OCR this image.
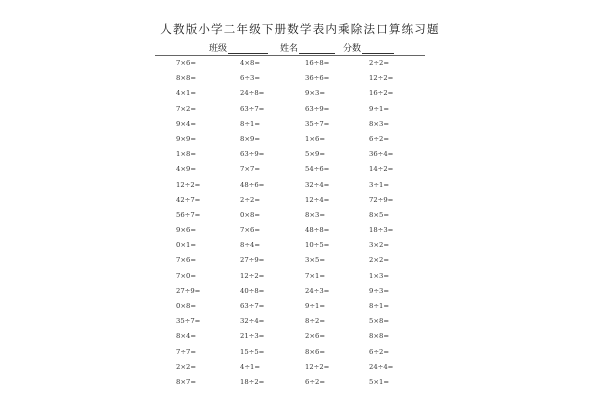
人教版小学二年级下册数学表内乘除法口算练习题
班级	姓名	分数
7×6=	4×8=	16÷8=	2÷2=
8×8=	6÷3=	36÷6=	12÷2=
4×1=	24÷8=	9×3=	16÷2=
7×2=	63÷7=	63÷9=	9÷1=
9×4=	8÷1=	35÷7=	8×3=
9×9=	8×9=	1×6=	6÷2=
1×8=	63÷9=	5×9=	36÷4=
4×9=	7×7=	54÷6=	14÷2=
12÷2=	48÷6=	32÷4=	3÷1=
42÷7=	2÷2=	12÷4=	72÷9=
56÷7=	0×8=	8×3=	8×5=
9×6=	7×6=	48÷8=	18÷3=
0×1=	8÷4=	10÷5=	3×2=
7×6=	27÷9=	3×5=	2×2=
7×0=	12÷2=	7×1=	1×3=
27÷9=	40÷8=	24÷3=	9÷3=
0×8=	63÷7=	9÷1=	8÷1=
35÷7=	32÷4=	8÷2=	5×8=
8×4=	21÷3=	2×6=	8×8=
7÷7=	15÷5=	8×6=	6÷2=
2×2=	4÷1=	12÷2=	24÷4=
8×7=	18÷2=	6÷2=	5×1=
